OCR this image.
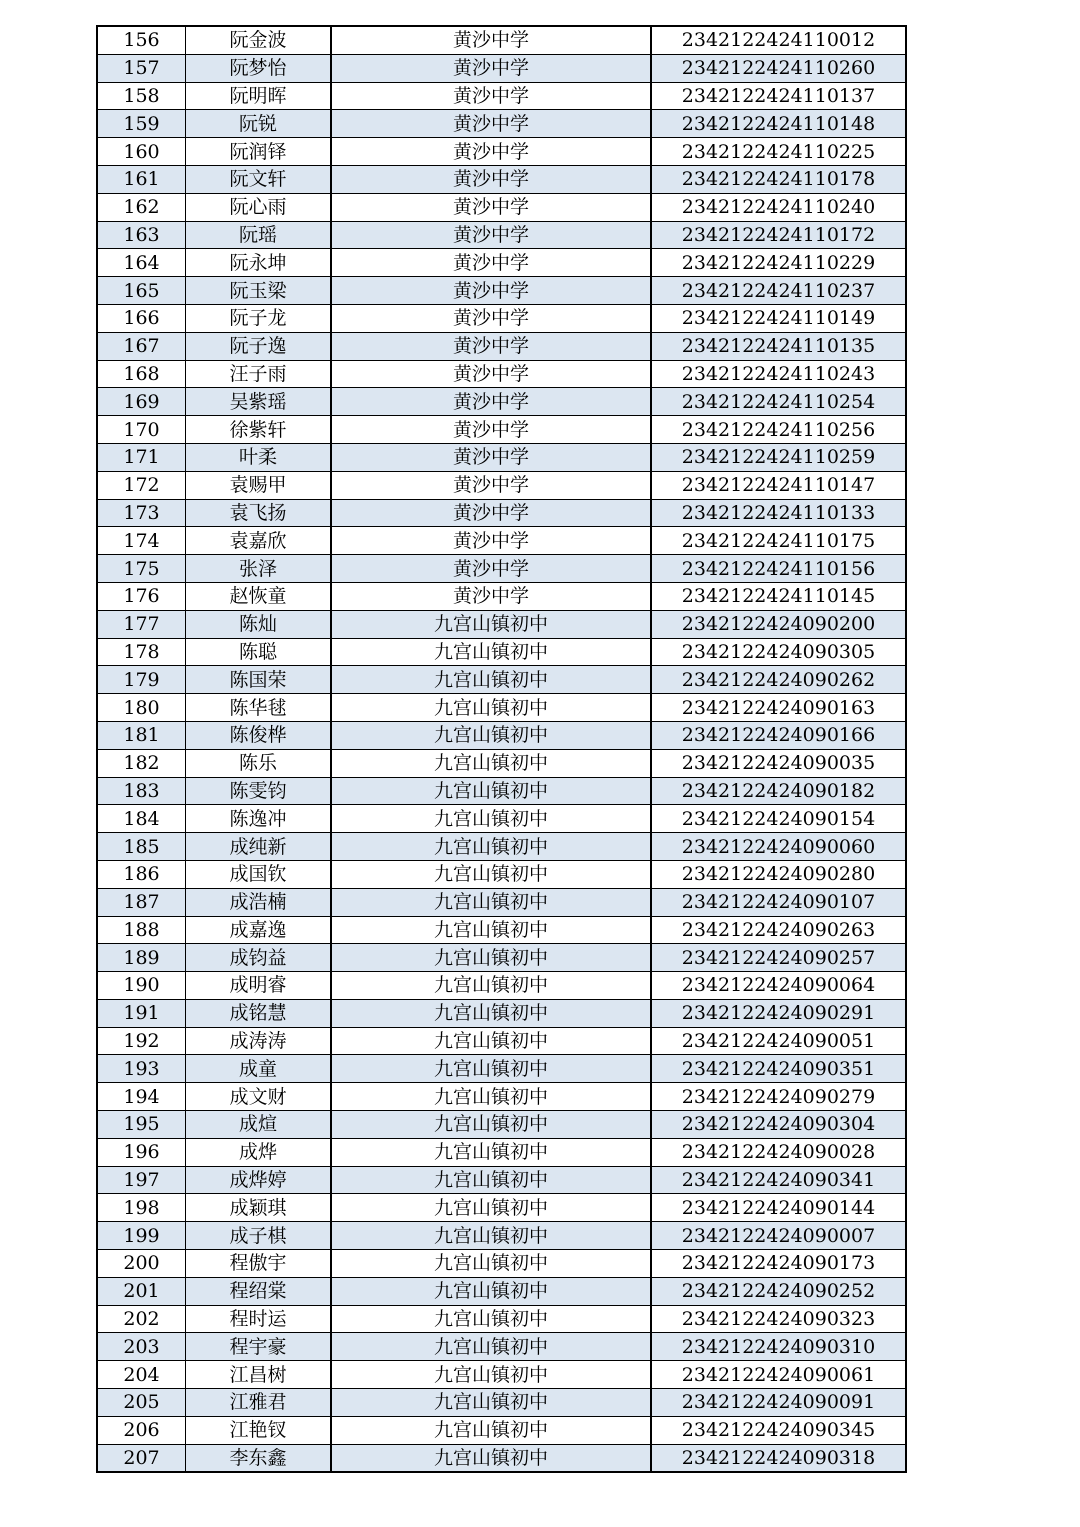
156	阮金波	黄沙中学	2342122424110012
157	阮梦怡	黄沙中学	2342122424110260
158	阮明晖	黄沙中学	2342122424110137
159	阮锐	黄沙中学	2342122424110148
160	阮润铎	黄沙中学	2342122424110225
161	阮文轩	黄沙中学	2342122424110178
162	阮心雨	黄沙中学	2342122424110240
163	阮瑶	黄沙中学	2342122424110172
164	阮永坤	黄沙中学	2342122424110229
165	阮玉梁	黄沙中学	2342122424110237
166	阮子龙	黄沙中学	2342122424110149
167	阮子逸	黄沙中学	2342122424110135
168	汪子雨	黄沙中学	2342122424110243
169	吴紫瑶	黄沙中学	2342122424110254
170	徐紫轩	黄沙中学	2342122424110256
171	叶柔	黄沙中学	2342122424110259
172	袁赐甲	黄沙中学	2342122424110147
173	袁飞扬	黄沙中学	2342122424110133
174	袁嘉欣	黄沙中学	2342122424110175
175	张泽	黄沙中学	2342122424110156
176	赵恢童	黄沙中学	2342122424110145
177	陈灿	九宫山镇初中	2342122424090200
178	陈聪	九宫山镇初中	2342122424090305
179	陈国荣	九宫山镇初中	2342122424090262
180	陈华毬	九宫山镇初中	2342122424090163
181	陈俊桦	九宫山镇初中	2342122424090166
182	陈乐	九宫山镇初中	2342122424090035
183	陈雯钧	九宫山镇初中	2342122424090182
184	陈逸冲	九宫山镇初中	2342122424090154
185	成纯新	九宫山镇初中	2342122424090060
186	成国钦	九宫山镇初中	2342122424090280
187	成浩楠	九宫山镇初中	2342122424090107
188	成嘉逸	九宫山镇初中	2342122424090263
189	成钧益	九宫山镇初中	2342122424090257
190	成明睿	九宫山镇初中	2342122424090064
191	成铭慧	九宫山镇初中	2342122424090291
192	成涛涛	九宫山镇初中	2342122424090051
193	成童	九宫山镇初中	2342122424090351
194	成文财	九宫山镇初中	2342122424090279
195	成煊	九宫山镇初中	2342122424090304
196	成烨	九宫山镇初中	2342122424090028
197	成烨婷	九宫山镇初中	2342122424090341
198	成颖琪	九宫山镇初中	2342122424090144
199	成子棋	九宫山镇初中	2342122424090007
200	程傲宇	九宫山镇初中	2342122424090173
201	程绍棠	九宫山镇初中	2342122424090252
202	程时运	九宫山镇初中	2342122424090323
203	程宇豪	九宫山镇初中	2342122424090310
204	江昌树	九宫山镇初中	2342122424090061
205	江雅君	九宫山镇初中	2342122424090091
206	江艳钗	九宫山镇初中	2342122424090345
207	李东鑫	九宫山镇初中	2342122424090318
